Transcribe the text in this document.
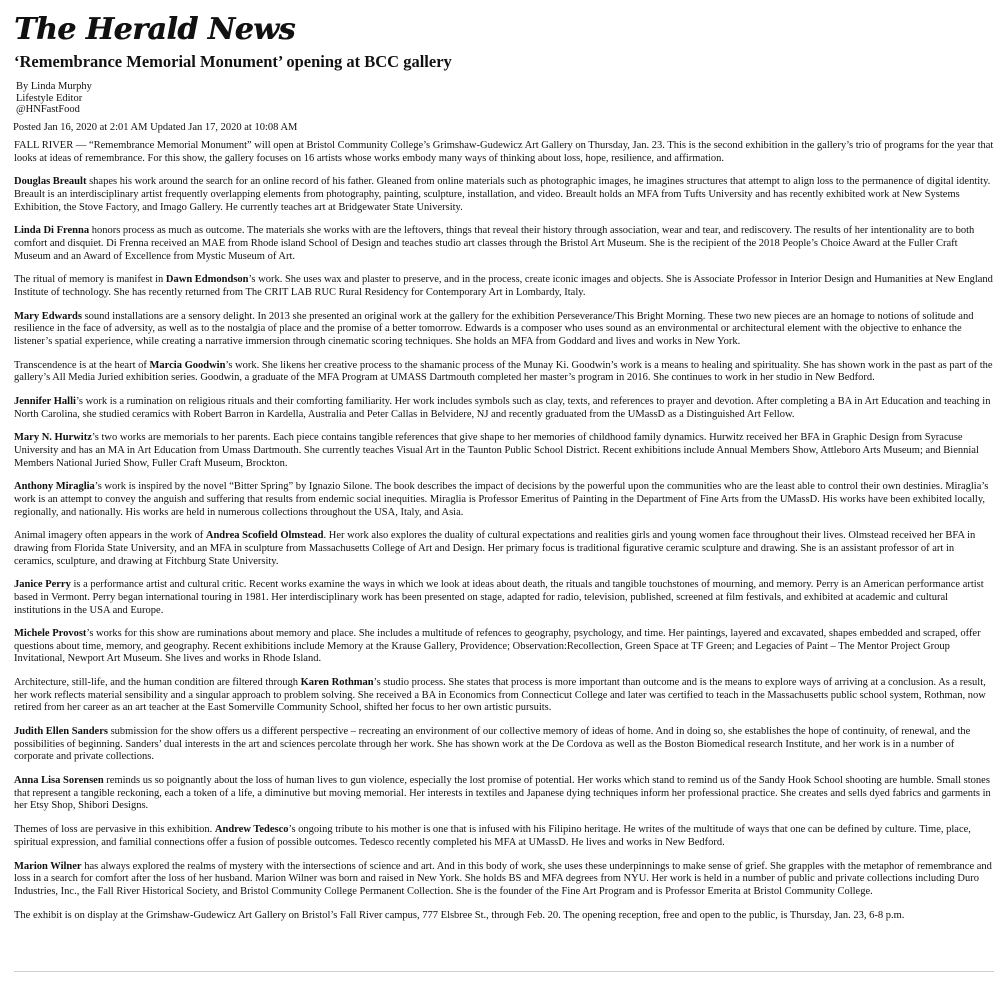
The Herald News
‘Remembrance Memorial Monument’ opening at BCC gallery
By Linda Murphy
Lifestyle Editor
@HNFastFood
Posted Jan 16, 2020 at 2:01 AM Updated Jan 17, 2020 at 10:08 AM

FALL RIVER — “Remembrance Memorial Monument” will open at Bristol Community College’s Grimshaw-Gudewicz Art Gallery on Thursday, Jan. 23. This is the second exhibition in the gallery’s trio of programs for the year that looks at ideas of remembrance. For this show, the gallery focuses on 16 artists whose works embody many ways of thinking about loss, hope, resilience, and affirmation.

Douglas Breault shapes his work around the search for an online record of his father. Gleaned from online materials such as photographic images, he imagines structures that attempt to align loss to the permanence of digital identity. Breault is an interdisciplinary artist frequently overlapping elements from photography, painting, sculpture, installation, and video. Breault holds an MFA from Tufts University and has recently exhibited work at New Systems Exhibition, the Stove Factory, and Imago Gallery. He currently teaches art at Bridgewater State University.

Linda Di Frenna honors process as much as outcome. The materials she works with are the leftovers, things that reveal their history through association, wear and tear, and rediscovery. The results of her intentionality are to both comfort and disquiet. Di Frenna received an MAE from Rhode island School of Design and teaches studio art classes through the Bristol Art Museum. She is the recipient of the 2018 People’s Choice Award at the Fuller Craft Museum and an Award of Excellence from Mystic Museum of Art.

The ritual of memory is manifest in Dawn Edmondson’s work. She uses wax and plaster to preserve, and in the process, create iconic images and objects. She is Associate Professor in Interior Design and Humanities at New England Institute of technology. She has recently returned from The CRIT LAB RUC Rural Residency for Contemporary Art in Lombardy, Italy.

Mary Edwards sound installations are a sensory delight. In 2013 she presented an original work at the gallery for the exhibition Perseverance/This Bright Morning. These two new pieces are an homage to notions of solitude and resilience in the face of adversity, as well as to the nostalgia of place and the promise of a better tomorrow. Edwards is a composer who uses sound as an environmental or architectural element with the objective to enhance the listener’s spatial experience, while creating a narrative immersion through cinematic scoring techniques. She holds an MFA from Goddard and lives and works in New York.

Transcendence is at the heart of Marcia Goodwin’s work. She likens her creative process to the shamanic process of the Munay Ki. Goodwin’s work is a means to healing and spirituality. She has shown work in the past as part of the gallery’s All Media Juried exhibition series. Goodwin, a graduate of the MFA Program at UMASS Dartmouth completed her master’s program in 2016. She continues to work in her studio in New Bedford.

Jennifer Halli’s work is a rumination on religious rituals and their comforting familiarity. Her work includes symbols such as clay, texts, and references to prayer and devotion. After completing a BA in Art Education and teaching in North Carolina, she studied ceramics with Robert Barron in Kardella, Australia and Peter Callas in Belvidere, NJ and recently graduated from the UMassD as a Distinguished Art Fellow.

Mary N. Hurwitz’s two works are memorials to her parents. Each piece contains tangible references that give shape to her memories of childhood family dynamics. Hurwitz received her BFA in Graphic Design from Syracuse University and has an MA in Art Education from Umass Dartmouth. She currently teaches Visual Art in the Taunton Public School District. Recent exhibitions include Annual Members Show, Attleboro Arts Museum; and Biennial Members National Juried Show, Fuller Craft Museum, Brockton.

Anthony Miraglia’s work is inspired by the novel “Bitter Spring” by Ignazio Silone. The book describes the impact of decisions by the powerful upon the communities who are the least able to control their own destinies. Miraglia’s work is an attempt to convey the anguish and suffering that results from endemic social inequities. Miraglia is Professor Emeritus of Painting in the Department of Fine Arts from the UMassD. His works have been exhibited locally, regionally, and nationally. His works are held in numerous collections throughout the USA, Italy, and Asia.

Animal imagery often appears in the work of Andrea Scofield Olmstead. Her work also explores the duality of cultural expectations and realities girls and young women face throughout their lives. Olmstead received her BFA in drawing from Florida State University, and an MFA in sculpture from Massachusetts College of Art and Design. Her primary focus is traditional figurative ceramic sculpture and drawing. She is an assistant professor of art in ceramics, sculpture, and drawing at Fitchburg State University.

Janice Perry is a performance artist and cultural critic. Recent works examine the ways in which we look at ideas about death, the rituals and tangible touchstones of mourning, and memory. Perry is an American performance artist based in Vermont. Perry began international touring in 1981. Her interdisciplinary work has been presented on stage, adapted for radio, television, published, screened at film festivals, and exhibited at academic and cultural institutions in the USA and Europe.

Michele Provost’s works for this show are ruminations about memory and place. She includes a multitude of refences to geography, psychology, and time. Her paintings, layered and excavated, shapes embedded and scraped, offer questions about time, memory, and geography. Recent exhibitions include Memory at the Krause Gallery, Providence; Observation:Recollection, Green Space at TF Green; and Legacies of Paint – The Mentor Project Group Invitational, Newport Art Museum. She lives and works in Rhode Island.

Architecture, still-life, and the human condition are filtered through Karen Rothman’s studio process. She states that process is more important than outcome and is the means to explore ways of arriving at a conclusion. As a result, her work reflects material sensibility and a singular approach to problem solving. She received a BA in Economics from Connecticut College and later was certified to teach in the Massachusetts public school system, Rothman, now retired from her career as an art teacher at the East Somerville Community School, shifted her focus to her own artistic pursuits.

Judith Ellen Sanders submission for the show offers us a different perspective – recreating an environment of our collective memory of ideas of home. And in doing so, she establishes the hope of continuity, of renewal, and the possibilities of beginning. Sanders’ dual interests in the art and sciences percolate through her work. She has shown work at the De Cordova as well as the Boston Biomedical research Institute, and her work is in a number of corporate and private collections.

Anna Lisa Sorensen reminds us so poignantly about the loss of human lives to gun violence, especially the lost promise of potential. Her works which stand to remind us of the Sandy Hook School shooting are humble. Small stones that represent a tangible reckoning, each a token of a life, a diminutive but moving memorial. Her interests in textiles and Japanese dying techniques inform her professional practice. She creates and sells dyed fabrics and garments in her Etsy Shop, Shibori Designs.

Themes of loss are pervasive in this exhibition. Andrew Tedesco’s ongoing tribute to his mother is one that is infused with his Filipino heritage. He writes of the multitude of ways that one can be defined by culture. Time, place, spiritual expression, and familial connections offer a fusion of possible outcomes. Tedesco recently completed his MFA at UMassD. He lives and works in New Bedford.

Marion Wilner has always explored the realms of mystery with the intersections of science and art. And in this body of work, she uses these underpinnings to make sense of grief. She grapples with the metaphor of remembrance and loss in a search for comfort after the loss of her husband. Marion Wilner was born and raised in New York. She holds BS and MFA degrees from NYU. Her work is held in a number of public and private collections including Duro Industries, Inc., the Fall River Historical Society, and Bristol Community College Permanent Collection. She is the founder of the Fine Art Program and is Professor Emerita at Bristol Community College.

The exhibit is on display at the Grimshaw-Gudewicz Art Gallery on Bristol’s Fall River campus, 777 Elsbree St., through Feb. 20. The opening reception, free and open to the public, is Thursday, Jan. 23, 6-8 p.m.
